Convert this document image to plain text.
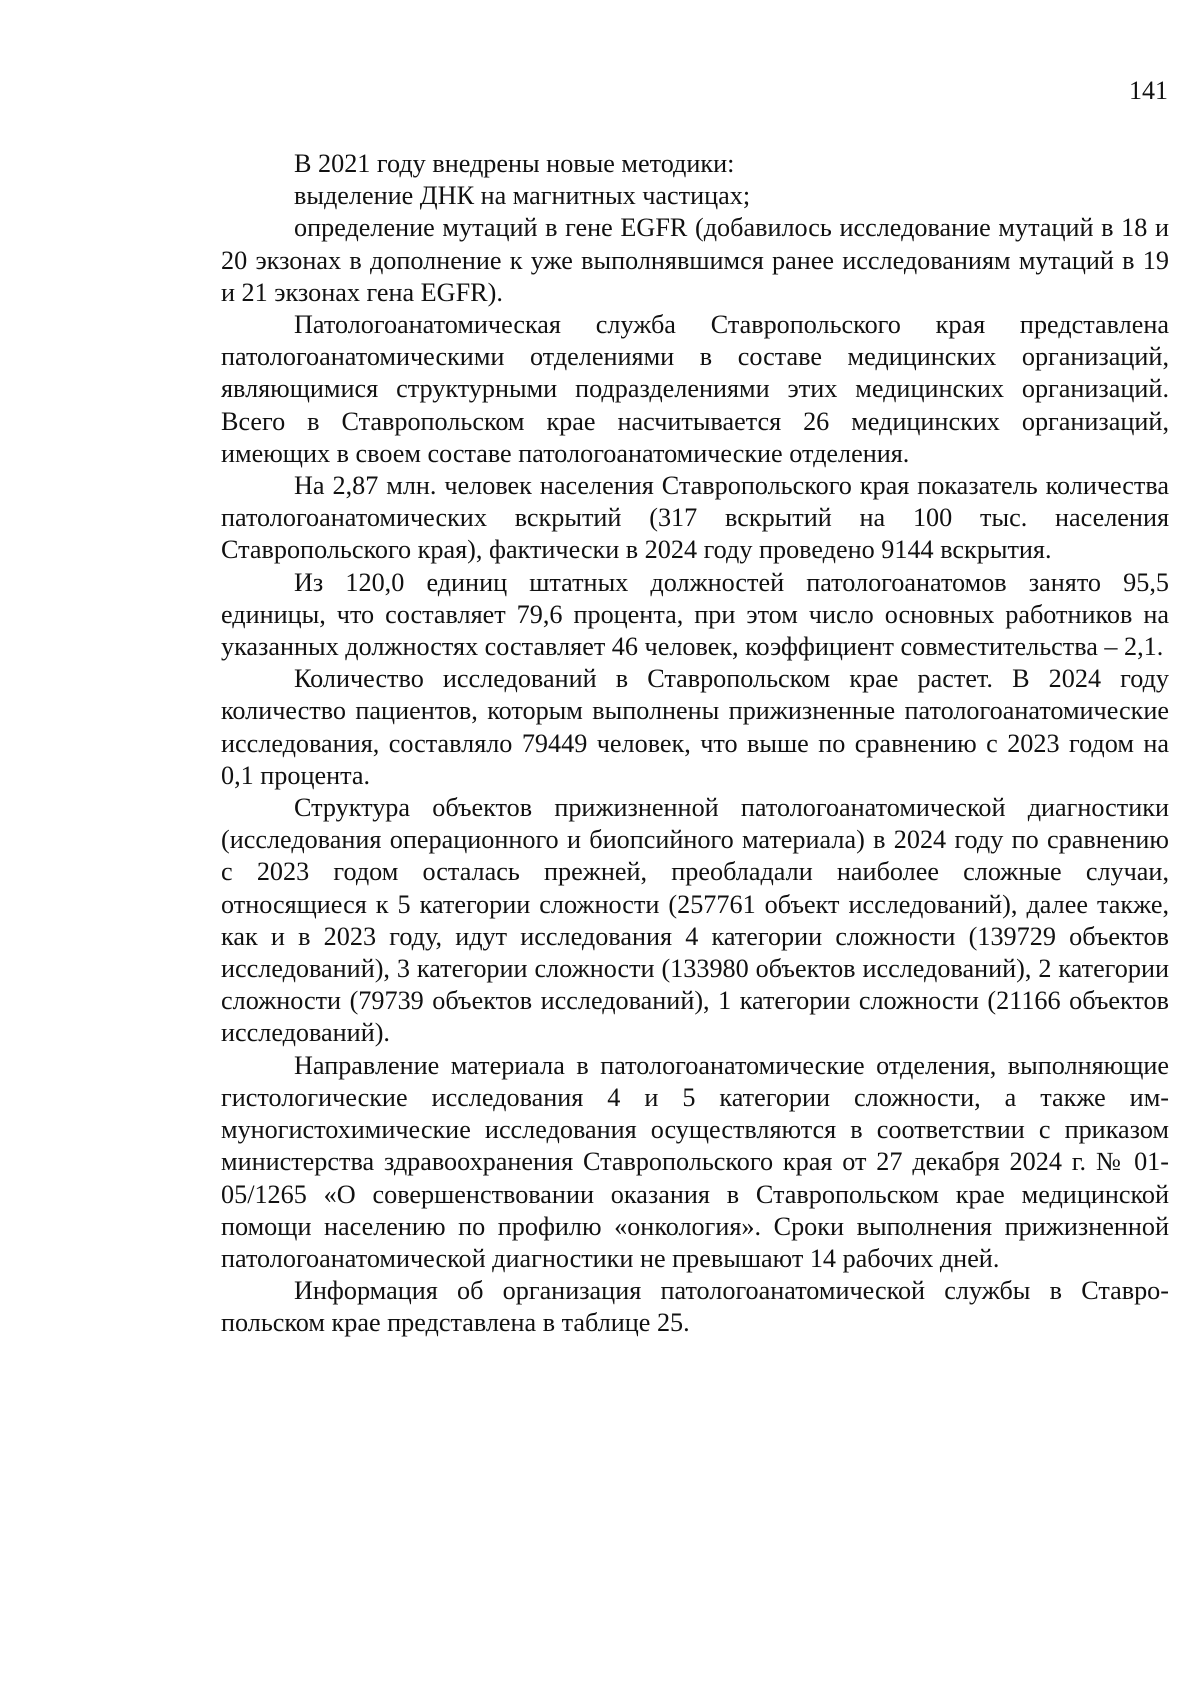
141

В 2021 году внедрены новые методики:

выделение ДНК на магнитных частицах;

определение мутаций в гене EGFR (добавилось исследование мутаций в 18 и 20 экзонах в дополнение к уже выполнявшимся ранее исследованиям мутаций в 19 и 21 экзонах гена EGFR).

Патологоанатомическая служба Ставропольского края представлена патологоанатомическими отделениями в составе медицинских организаций, являющимися структурными подразделениями этих медицинских организаций. Всего в Ставропольском крае насчитывается 26 медицинских организаций, имеющих в своем составе патологоанатомические отделения.

На 2,87 млн. человек населения Ставропольского края показатель количества патологоанатомических вскрытий (317 вскрытий на 100 тыс. населения Ставропольского края), фактически в 2024 году проведено 9144 вскрытия.

Из 120,0 единиц штатных должностей патологоанатомов занято 95,5 единицы, что составляет 79,6 процента, при этом число основных работников на указанных должностях составляет 46 человек, коэффициент совместительства – 2,1.

Количество исследований в Ставропольском крае растет. В 2024 году количество пациентов, которым выполнены прижизненные патологоанатомические исследования, составляло 79449 человек, что выше по сравнению с 2023 годом на 0,1 процента.

Структура объектов прижизненной патологоанатомической диагностики (исследования операционного и биопсийного материала) в 2024 году по сравнению с 2023 годом осталась прежней, преобладали наиболее сложные случаи, относящиеся к 5 категории сложности (257761 объект исследований), далее также, как и в 2023 году, идут исследования 4 категории сложности (139729 объектов исследований), 3 категории сложности (133980 объектов исследований), 2 категории сложности (79739 объектов исследований), 1 категории сложности (21166 объектов исследований).

Направление материала в патологоанатомические отделения, выполняющие гистологические исследования 4 и 5 категории сложности, а также иммуногистохимические исследования осуществляются в соответствии с приказом министерства здравоохранения Ставропольского края от 27 декабря 2024 г. № 01-05/1265 «О совершенствовании оказания в Ставропольском крае медицинской помощи населению по профилю «онкология». Сроки выполнения прижизненной патологоанатомической диагностики не превышают 14 рабочих дней.

Информация об организация патологоанатомической службы в Ставропольском крае представлена в таблице 25.
